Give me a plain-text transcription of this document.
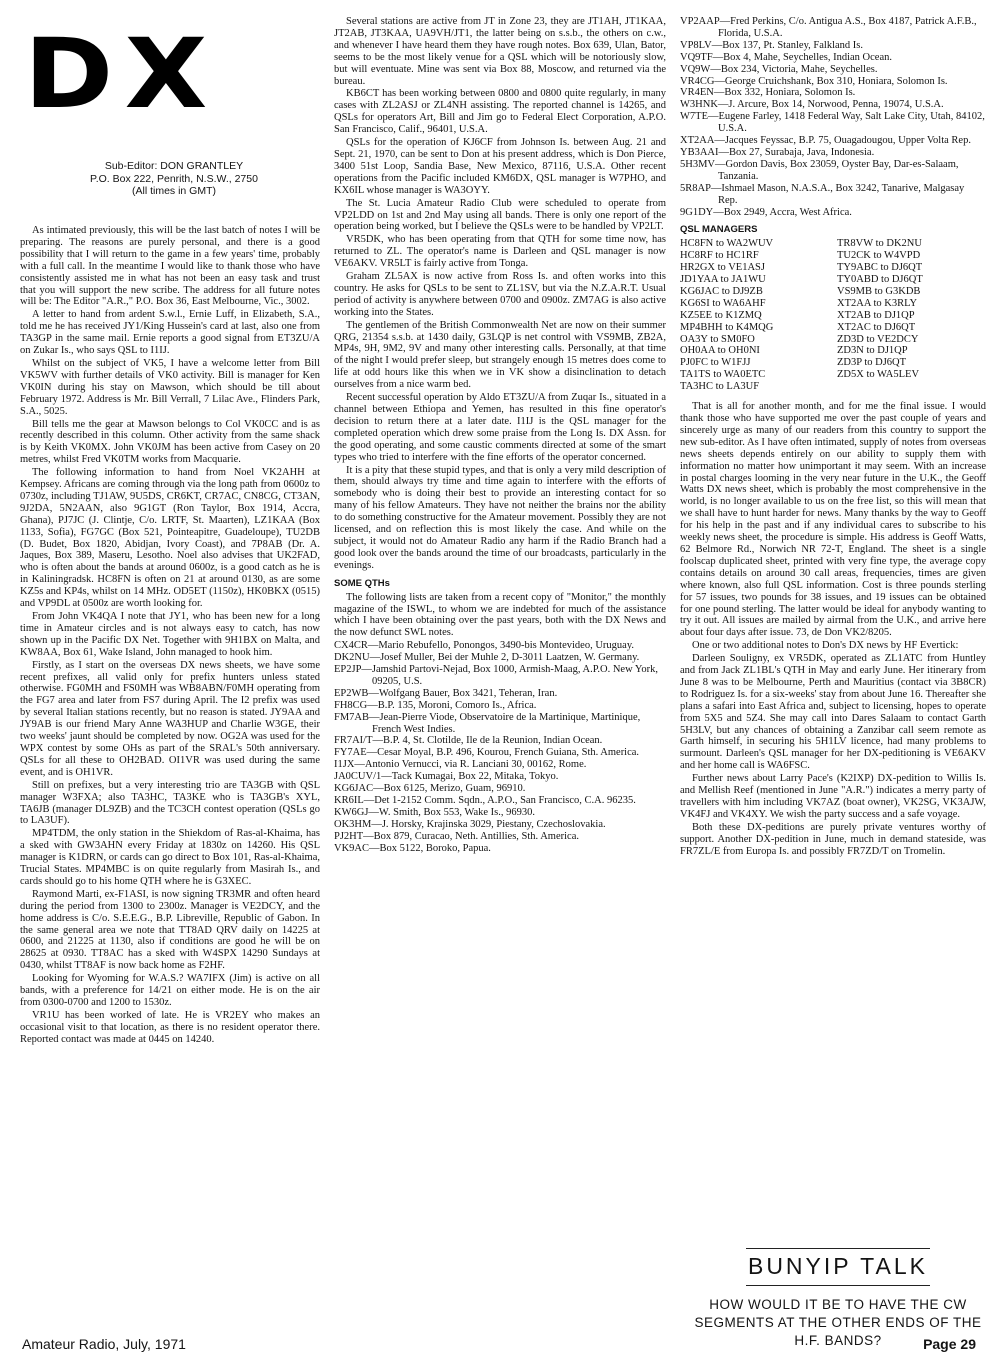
DX
Sub-Editor: DON GRANTLEY
P.O. Box 222, Penrith, N.S.W., 2750
(All times in GMT)

As intimated previously, this will be the last batch of notes I will be preparing. The reasons are purely personal, and there is a good possibility that I will return to the game in a few years' time, probably with a full call. In the meantime I would like to thank those who have consistently assisted me in what has not been an easy task and trust that you will support the new scribe. The address for all future notes will be: The Editor "A.R.," P.O. Box 36, East Melbourne, Vic., 3002.

A letter to hand from ardent S.w.l., Ernie Luff, in Elizabeth, S.A., told me he has received JY1/King Hussein's card at last, also one from TA3GP in the same mail. Ernie reports a good signal from ET3ZU/A on Zukar Is., who says QSL to I1IJ.

Whilst on the subject of VK5, I have a welcome letter from Bill VK5WV with further details of VK0 activity. Bill is manager for Ken VK0IN during his stay on Mawson, which should be till about February 1972. Address is Mr. Bill Verrall, 7 Lilac Ave., Flinders Park, S.A., 5025.

Bill tells me the gear at Mawson belongs to Col VK0CC and is as recently described in this column. Other activity from the same shack is by Keith VK0MX. John VK0JM has been active from Casey on 20 metres, whilst Fred VK0TM works from Macquarie.

The following information to hand from Noel VK2AHH at Kempsey. Africans are coming through via the long path from 0600z to 0730z, including TJ1AW, 9U5DS, CR6KT, CR7AC, CN8CG, CT3AN, 9J2DA, 5N2AAN, also 9G1GT (Ron Taylor, Box 1914, Accra, Ghana), PJ7JC (J. Clintje, C/o. LRTF, St. Maarten), LZ1KAA (Box 1133, Sofia), FG7GC (Box 521, Pointeapitre, Guadeloupe), TU2DB (D. Budet, Box 1820, Abidjan, Ivory Coast), and 7P8AB (Dr. A. Jaques, Box 389, Maseru, Lesotho. Noel also advises that UK2FAD, who is often about the bands at around 0600z, is a good catch as he is in Kaliningradsk. HC8FN is often on 21 at around 0130, as are some KZ5s and KP4s, whilst on 14 MHz. OD5ET (1150z), HK0BKX (0515) and VP9DL at 0500z are worth looking for.

From John VK4QA I note that JY1, who has been new for a long time in Amateur circles and is not always easy to catch, has now shown up in the Pacific DX Net. Together with 9H1BX on Malta, and KW8AA, Box 61, Wake Island, John managed to hook him.

Firstly, as I start on the overseas DX news sheets, we have some recent prefixes, all valid only for prefix hunters unless stated otherwise. FG0MH and FS0MH was WB8ABN/F0MH operating from the FG7 area and later from FS7 during April. The I2 prefix was used by several Italian stations recently, but no reason is stated. JY9AA and JY9AB is our friend Mary Anne WA3HUP and Charlie W3GE, their two weeks' jaunt should be completed by now. OG2A was used for the WPX contest by some OHs as part of the SRAL's 50th anniversary. QSLs for all these to OH2BAD. OI1VR was used during the same event, and is OH1VR.

Still on prefixes, but a very interesting trio are TA3GB with QSL manager W3FXA; also TA3HC, TA3KE who is TA3GB's XYL, TA6JB (manager DL9ZB) and the TC3CH contest operation (QSLs go to LA3UF).

MP4TDM, the only station in the Shiekdom of Ras-al-Khaima, has a sked with GW3AHN every Friday at 1830z on 14260. His QSL manager is K1DRN, or cards can go direct to Box 101, Ras-al-Khaima, Trucial States. MP4MBC is on quite regularly from Masirah Is., and cards should go to his home QTH where he is G3XEC.

Raymond Marti, ex-F1ASI, is now signing TR3MR and often heard during the period from 1300 to 2300z. Manager is VE2DCY, and the home address is C/o. S.E.E.G., B.P. Libreville, Republic of Gabon. In the same general area we note that TT8AD QRV daily on 14225 at 0600, and 21225 at 1130, also if conditions are good he will be on 28625 at 0930. TT8AC has a sked with W4SPX 14290 Sundays at 0430, whilst TT8AF is now back home as F2HF.

Looking for Wyoming for W.A.S.? WA7IFX (Jim) is active on all bands, with a preference for 14/21 on either mode. He is on the air from 0300-0700 and 1200 to 1530z.

VR1U has been worked of late. He is VR2EY who makes an occasional visit to that location, as there is no resident operator there. Reported contact was made at 0445 on 14240.

Several stations are active from JT in Zone 23, they are JT1AH, JT1KAA, JT2AB, JT3KAA, UA9VH/JT1, the latter being on s.s.b., the others on c.w., and whenever I have heard them they have rough notes. Box 639, Ulan, Bator, seems to be the most likely venue for a QSL which will be notoriously slow, but will eventuate. Mine was sent via Box 88, Moscow, and returned via the bureau.

KB6CT has been working between 0800 and 0800 quite regularly, in many cases with ZL2ASJ or ZL4NH assisting. The reported channel is 14265, and QSLs for operators Art, Bill and Jim go to Federal Elect Corporation, A.P.O. San Francisco, Calif., 96401, U.S.A.

QSLs for the operation of KJ6CF from Johnson Is. between Aug. 21 and Sept. 21, 1970, can be sent to Don at his present address, which is Don Pierce, 3400 51st Loop, Sandia Base, New Mexico, 87116, U.S.A. Other recent operations from the Pacific included KM6DX, QSL manager is W7PHO, and KX6IL whose manager is WA3OYY.

The St. Lucia Amateur Radio Club were scheduled to operate from VP2LDD on 1st and 2nd May using all bands. There is only one report of the operation being worked, but I believe the QSLs were to be handled by VP2LT.

VR5DK, who has been operating from that QTH for some time now, has returned to ZL. The operator's name is Darleen and QSL manager is now VE6AKV. VR5LT is fairly active from Tonga.

Graham ZL5AX is now active from Ross Is. and often works into this country. He asks for QSLs to be sent to ZL1SV, but via the N.Z.A.R.T. Usual period of activity is anywhere between 0700 and 0900z. ZM7AG is also active working into the States.

The gentlemen of the British Commonwealth Net are now on their summer QRG, 21354 s.s.b. at 1430 daily, G3LQP is net control with VS9MB, ZB2A, MP4s, 9H, 9M2, 9V and many other interesting calls. Personally, at that time of the night I would prefer sleep, but strangely enough 15 metres does come to life at odd hours like this when we in VK show a disinclination to detach ourselves from a nice warm bed.

Recent successful operation by Aldo ET3ZU/A from Zuqar Is., situated in a channel between Ethiopa and Yemen, has resulted in this fine operator's decision to return there at a later date. I1IJ is the QSL manager for the completed operation which drew some praise from the Long Is. DX Assn. for the good operating, and some caustic comments directed at some of the smart types who tried to interfere with the fine efforts of the operator concerned.

It is a pity that these stupid types, and that is only a very mild description of them, should always try time and time again to interfere with the efforts of somebody who is doing their best to provide an interesting contact for so many of his fellow Amateurs. They have not neither the brains nor the ability to do something constructive for the Amateur movement. Possibly they are not licensed, and on reflection this is most likely the case. And while on the subject, it would not do Amateur Radio any harm if the Radio Branch had a good look over the bands around the time of our broadcasts, particularly in the evenings.

SOME QTHs

The following lists are taken from a recent copy of "Monitor," the monthly magazine of the ISWL, to whom we are indebted for much of the assistance which I have been obtaining over the past years, both with the DX News and the now defunct SWL notes.

CX4CR—Mario Rebufello, Ponongos, 3490-bis Montevideo, Uruguay.
DK2NU—Josef Muller, Bei der Muhle 2, D-3011 Laatzen, W. Germany.
EP2JP—Jamshid Partovi-Nejad, Box 1000, Armish-Maag, A.P.O. New York, 09205, U.S.
EP2WB—Wolfgang Bauer, Box 3421, Teheran, Iran.
FH8CG—B.P. 135, Moroni, Comoro Is., Africa.
FM7AB—Jean-Pierre Viode, Observatoire de la Martinique, Martinique, French West Indies.
FR7AI/T—B.P. 4, St. Clotilde, Ile de la Reunion, Indian Ocean.
FY7AE—Cesar Moyal, B.P. 496, Kourou, French Guiana, Sth. America.
I1JX—Antonio Vernucci, via R. Lanciani 30, 00162, Rome.
JA0CUV/1—Tack Kumagai, Box 22, Mitaka, Tokyo.
KG6JAC—Box 6125, Merizo, Guam, 96910.
KR6IL—Det 1-2152 Comm. Sqdn., A.P.O., San Francisco, C.A. 96235.
KW6GJ—W. Smith, Box 553, Wake Is., 96930.
OK3HM—J. Horsky, Krajinska 3029, Piestany, Czechoslovakia.
PJ2HT—Box 879, Curacao, Neth. Antillies, Sth. America.
VK9AC—Box 5122, Boroko, Papua.
VP2AAP—Fred Perkins, C/o. Antigua A.S., Box 4187, Patrick A.F.B., Florida, U.S.A.
VP8LV—Box 137, Pt. Stanley, Falkland Is.
VQ9TF—Box 4, Mahe, Seychelles, Indian Ocean.
VQ9W—Box 234, Victoria, Mahe, Seychelles.
VR4CG—George Cruichshank, Box 310, Honiara, Solomon Is.
VR4EN—Box 332, Honiara, Solomon Is.
W3HNK—J. Arcure, Box 14, Norwood, Penna, 19074, U.S.A.
W7TE—Eugene Farley, 1418 Federal Way, Salt Lake City, Utah, 84102, U.S.A.
XT2AA—Jacques Feyssac, B.P. 75, Ouagadougou, Upper Volta Rep.
YB3AAI—Box 27, Surabaja, Java, Indonesia.
5H3MV—Gordon Davis, Box 23059, Oyster Bay, Dar-es-Salaam, Tanzania.
5R8AP—Ishmael Mason, N.A.S.A., Box 3242, Tanarive, Malgasay Rep.
9G1DY—Box 2949, Accra, West Africa.
QSL MANAGERS
HC8FN to WA2WUV	TR8VW to DK2NU
HC8RF to HC1RF	TU2CK to W4VPD
HR2GX to VE1ASJ	TY9ABC to DJ6QT
JD1YAA to JA1WU	TY0ABD to DJ6QT
KG6JAC to DJ9ZB	VS9MB to G3KDB
KG6SI to WA6AHF	XT2AA to K3RLY
KZ5EE to K1ZMQ	XT2AB to DJ1QP
MP4BHH to K4MQG	XT2AC to DJ6QT
OA3Y to SM0FO	ZD3D to VE2DCY
OH0AA to OH0NI	ZD3N to DJ1QP
PJ0FC to W1FJJ	ZD3P to DJ6QT
TA1TS to WA0ETC	ZD5X to WA5LEV
TA3HC to LA3UF

That is all for another month, and for me the final issue. I would thank those who have supported me over the past couple of years and sincerely urge as many of our readers from this country to support the new sub-editor. As I have often intimated, supply of notes from overseas news sheets depends entirely on our ability to supply them with information no matter how unimportant it may seem. With an increase in postal charges looming in the very near future in the U.K., the Geoff Watts DX news sheet, which is probably the most comprehensive in the world, is no longer available to us on the free list, so this will mean that we shall have to hunt harder for news. Many thanks by the way to Geoff for his help in the past and if any individual cares to subscribe to his weekly news sheet, the procedure is simple. His address is Geoff Watts, 62 Belmore Rd., Norwich NR 72-T, England. The sheet is a single foolscap duplicated sheet, printed with very fine type, the average copy contains details on around 30 call areas, frequencies, times are given where known, also full QSL information. Cost is three pounds sterling for 57 issues, two pounds for 38 issues, and 19 issues can be obtained for one pound sterling. The latter would be ideal for anybody wanting to try it out. All issues are mailed by airmal from the U.K., and arrive here about four days after issue. 73, de Don VK2/8205.

One or two additional notes to Don's DX news by HF Evertick:

Darleen Souligny, ex VR5DK, operated as ZL1ATC from Huntley and from Jack ZL1BL's QTH in May and early June. Her itinerary from June 8 was to be Melbourne, Perth and Mauritius (contact via 3B8CR) to Rodriguez Is. for a six-weeks' stay from about June 16. Thereafter she plans a safari into East Africa and, subject to licensing, hopes to operate from 5X5 and 5Z4. She may call into Dares Salaam to contact Garth 5H3LV, but any chances of obtaining a Zanzibar call seem remote as Garth himself, in securing his 5H1LV licence, had many problems to surmount. Darleen's QSL manager for her DX-peditioning is VE6AKV and her home call is WA6FSC.

Further news about Larry Pace's (K2IXP) DX-pedition to Willis Is. and Mellish Reef (mentioned in June "A.R.") indicates a merry party of travellers with him including VK7AZ (boat owner), VK2SG, VK3AJW, VK4FJ and VK4XY. We wish the party success and a safe voyage.

Both these DX-peditions are purely private ventures worthy of support. Another DX-pedition in June, much in demand stateside, was FR7ZL/E from Europa Is. and possibly FR7ZD/T on Tromelin.

BUNYIP TALK
HOW WOULD IT BE TO HAVE THE CW SEGMENTS AT THE OTHER ENDS OF THE H.F. BANDS?
Amateur Radio, July, 1971	Page 29
